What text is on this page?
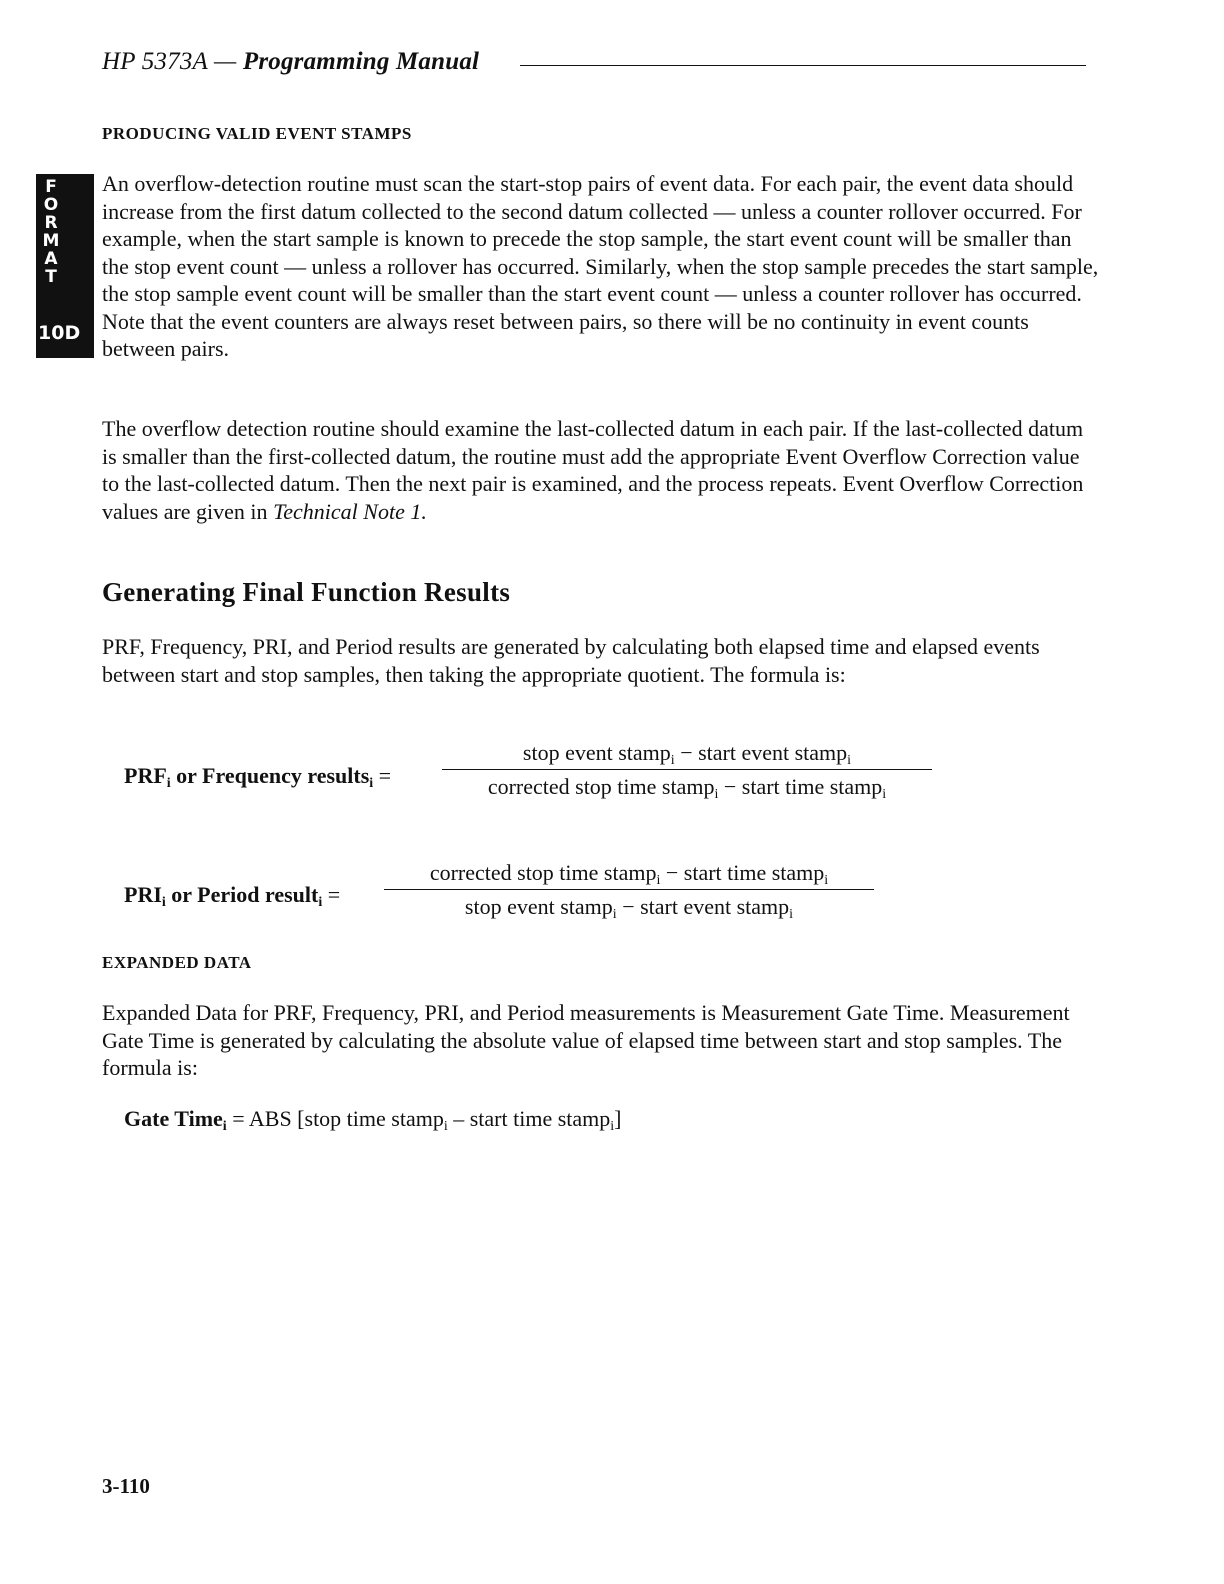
HP 5373A — Programming Manual
PRODUCING VALID EVENT STAMPS
F
O
R
M
A
T
10D

An overflow-detection routine must scan the start-stop pairs of event data. For each pair, the event data should increase from the first datum collected to the second datum collected — unless a counter rollover occurred. For example, when the start sample is known to precede the stop sample, the start event count will be smaller than the stop event count — unless a rollover has occurred. Similarly, when the stop sample precedes the start sample, the stop sample event count will be smaller than the start event count — unless a counter rollover has occurred. Note that the event counters are always reset between pairs, so there will be no continuity in event counts between pairs.

The overflow detection routine should examine the last-collected datum in each pair. If the last-collected datum is smaller than the first-collected datum, the routine must add the appropriate Event Overflow Correction value to the last-collected datum. Then the next pair is examined, and the process repeats. Event Overflow Correction values are given in Technical Note 1.

Generating Final Function Results

PRF, Frequency, PRI, and Period results are generated by calculating both elapsed time and elapsed events between start and stop samples, then taking the appropriate quotient. The formula is:

$PRF_i$ or Frequency results$_i$ =
stop event stamp$_i$ − start event stamp$_i$
corrected stop time stamp$_i$ − start time stamp$_i$
$PRI_i$ or Period result$_i$ =
corrected stop time stamp$_i$ − start time stamp$_i$
stop event stamp$_i$ − start event stamp$_i$
EXPANDED DATA

Expanded Data for PRF, Frequency, PRI, and Period measurements is Measurement Gate Time. Measurement Gate Time is generated by calculating the absolute value of elapsed time between start and stop samples. The formula is:

Gate Time$_i$ = ABS [stop time stamp$_i$ – start time stamp$_i$]
3-110
